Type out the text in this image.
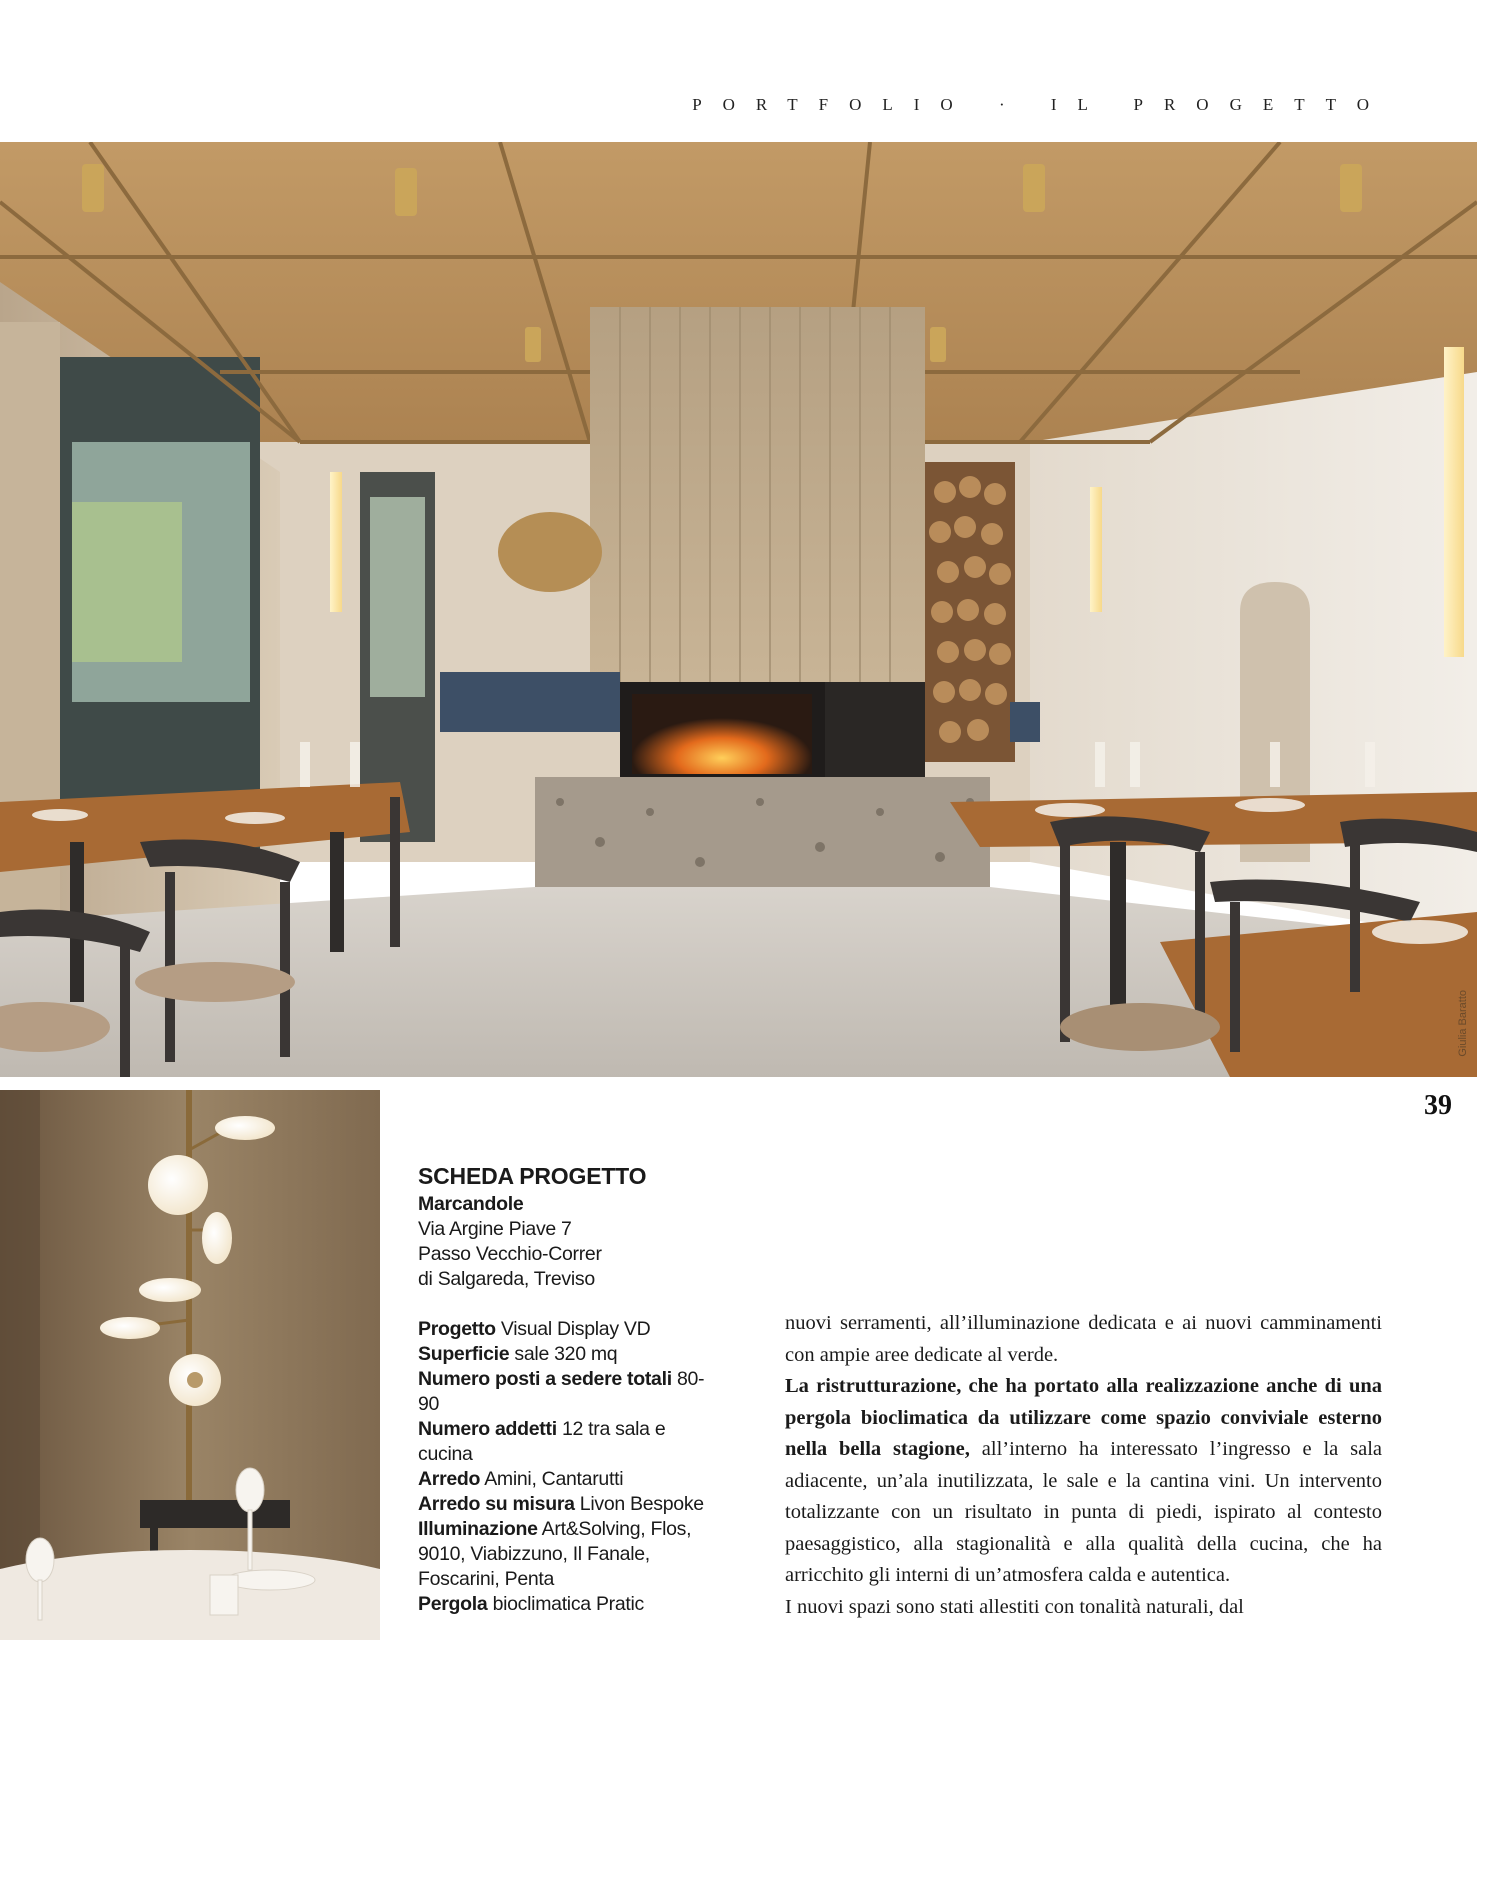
PORTFOLIO · IL PROGETTO
Giulia Baratto
39
SCHEDA PROGETTO
Marcandole
Via Argine Piave 7
Passo Vecchio-Correr
di Salgareda, Treviso
Progetto Visual Display VD
Superficie sale 320 mq
Numero posti a sedere totali 80-90
Numero addetti 12 tra sala e cucina
Arredo Amini, Cantarutti
Arredo su misura Livon Bespoke
Illuminazione Art&Solving, Flos, 9010, Viabizzuno, Il Fanale, Foscarini, Penta
Pergola bioclimatica Pratic

nuovi serramenti, all’illuminazione dedicata e ai nuovi camminamenti con ampie aree dedicate al verde.

La ristrutturazione, che ha portato alla realizzazione anche di una pergola bioclimatica da utilizzare come spazio conviviale esterno nella bella stagione, all’interno ha interessato l’ingresso e la sala adiacente, un’ala inutilizzata, le sale e la cantina vini. Un intervento totalizzante con un risultato in punta di piedi, ispirato al contesto paesaggistico, alla stagionalità e alla qualità della cucina, che ha arricchito gli interni di un’atmosfera calda e autentica.

I nuovi spazi sono stati allestiti con tonalità naturali, dal
